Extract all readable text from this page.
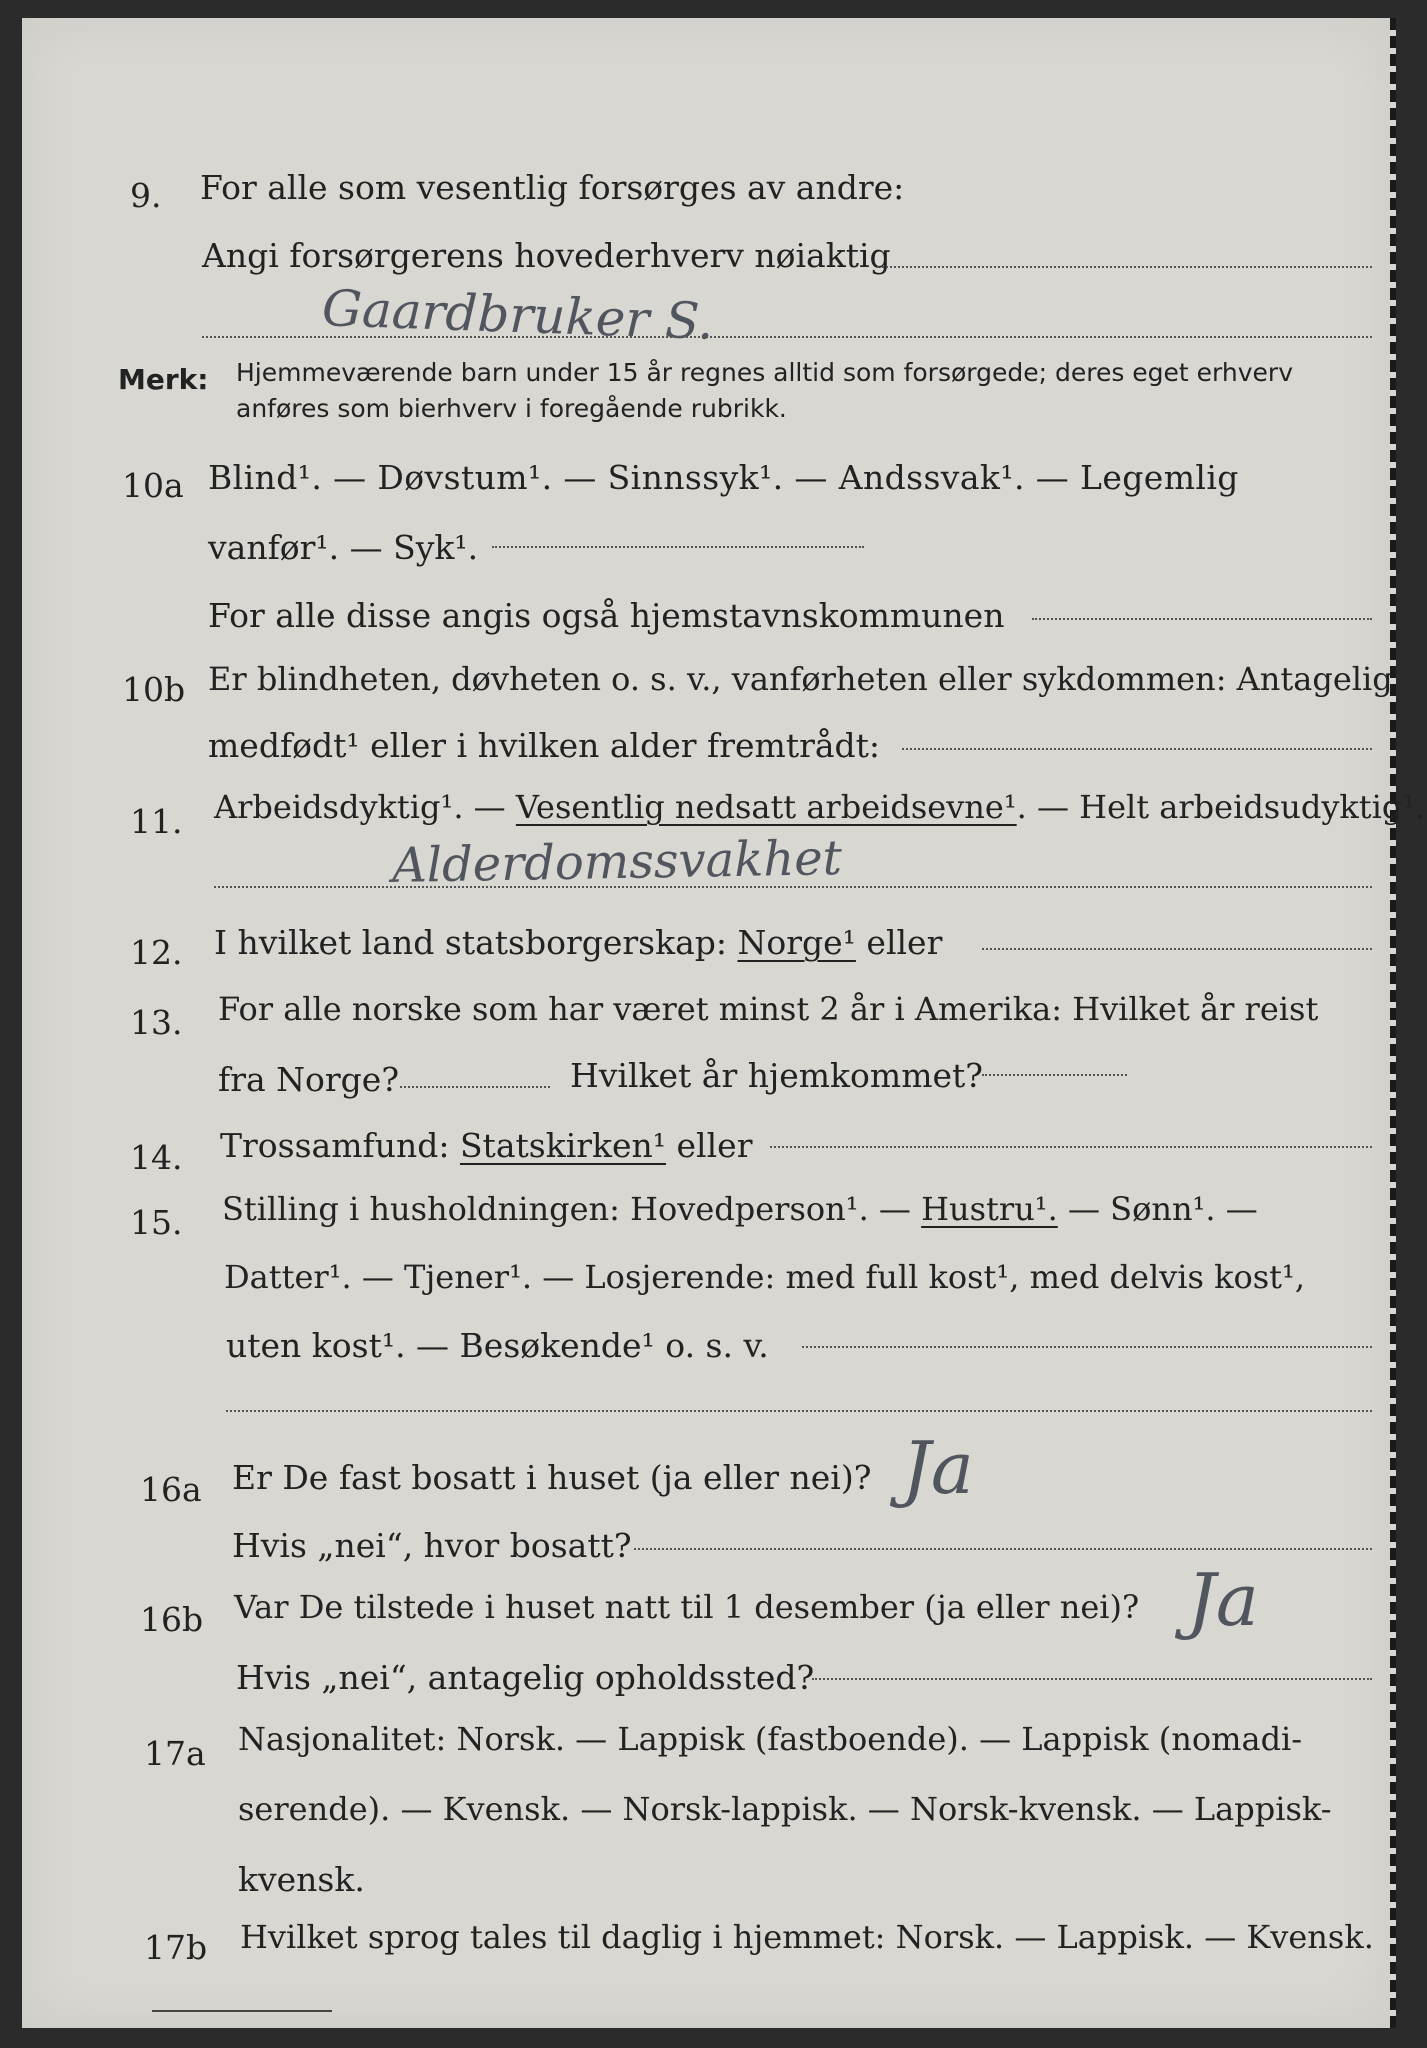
9. For alle som vesentlig forsørges av andre:
Angi forsørgerens hovederhverv nøiaktig
Gaardbruker S.
Merk: Hjemmeværende barn under 15 år regnes alltid som forsørgede; deres eget erhverv
anføres som bierhverv i foregående rubrikk.
10a Blind¹. — Døvstum¹. — Sinnssyk¹. — Andssvak¹. — Legemlig
vanfør¹. — Syk¹.
For alle disse angis også hjemstavnskommunen
10b Er blindheten, døvheten o. s. v., vanførheten eller sykdommen: Antagelig
medfødt¹ eller i hvilken alder fremtrådt:
11. Arbeidsdyktig¹. — Vesentlig nedsatt arbeidsevne¹. — Helt arbeidsudyktig¹.
Alderdomssvakhet
12. I hvilket land statsborgerskap: Norge¹ eller
13. For alle norske som har været minst 2 år i Amerika: Hvilket år reist
fra Norge?	Hvilket år hjemkommet?
14. Trossamfund: Statskirken¹ eller
15. Stilling i husholdningen: Hovedperson¹. — Hustru¹. — Sønn¹. —
Datter¹. — Tjener¹. — Losjerende: med full kost¹, med delvis kost¹,
uten kost¹. — Besøkende¹ o. s. v.
16a Er De fast bosatt i huset (ja eller nei)? Ja
Hvis „nei“, hvor bosatt?
16b Var De tilstede i huset natt til 1 desember (ja eller nei)? Ja
Hvis „nei“, antagelig opholdssted?
17a Nasjonalitet: Norsk. — Lappisk (fastboende). — Lappisk (nomadi-
serende). — Kvensk. — Norsk-lappisk. — Norsk-kvensk. — Lappisk-
kvensk.
17b Hvilket sprog tales til daglig i hjemmet: Norsk. — Lappisk. — Kvensk.
